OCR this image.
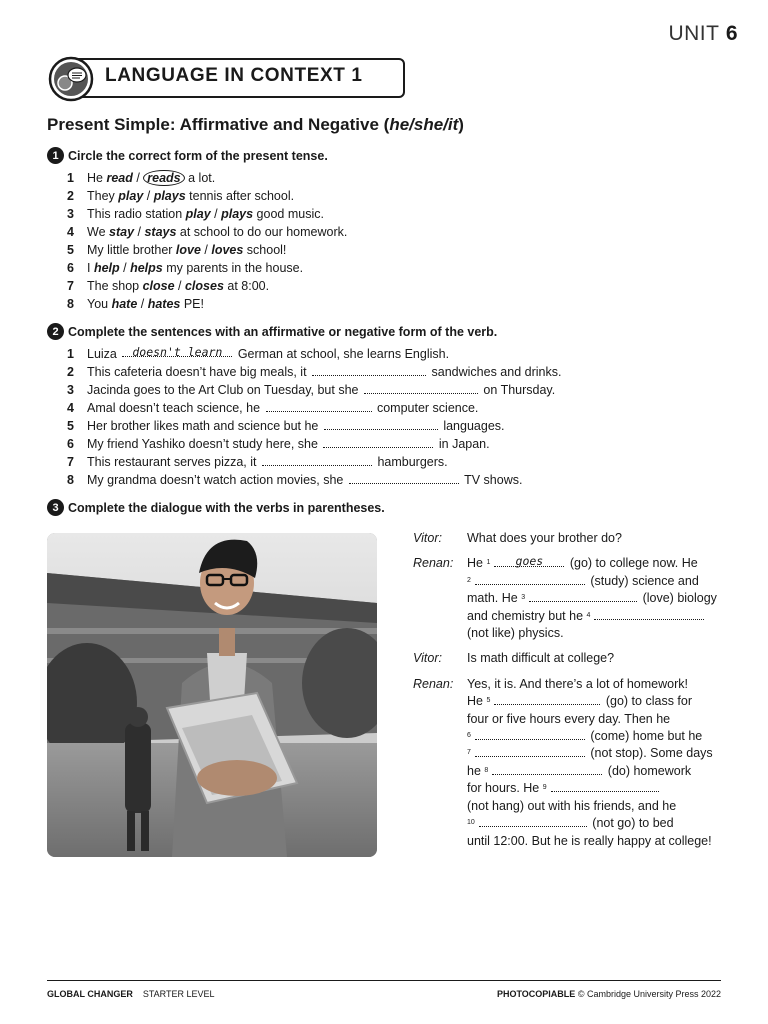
UNIT 6
LANGUAGE IN CONTEXT 1
Present Simple: Affirmative and Negative (he/she/it)
1 Circle the correct form of the present tense.
1	He read / reads a lot.
2	They play / plays tennis after school.
3	This radio station play / plays good music.
4	We stay / stays at school to do our homework.
5	My little brother love / loves school!
6	I help / helps my parents in the house.
7	The shop close / closes at 8:00.
8	You hate / hates PE!
2 Complete the sentences with an affirmative or negative form of the verb.
1	Luiza doesn't learn German at school, she learns English.
2	This cafeteria doesn’t have big meals, it	sandwiches and drinks.
3	Jacinda goes to the Art Club on Tuesday, but she	on Thursday.
4	Amal doesn’t teach science, he	computer science.
5	Her brother likes math and science but he	languages.
6	My friend Yashiko doesn’t study here, she	in Japan.
7	This restaurant serves pizza, it	hamburgers.
8	My grandma doesn’t watch action movies, she	TV shows.
3 Complete the dialogue with the verbs in parentheses.
Vitor:	What does your brother do?
Renan:	He $^1$ goes (go) to college now. He
$^2$	(study) science and
math. He $^3$	(love) biology
and chemistry but he $^4$
(not like) physics.
Vitor:	Is math difficult at college?
Renan:	Yes, it is. And there’s a lot of homework!
He $^5$	(go) to class for
four or five hours every day. Then he
$^6$	(come) home but he
$^7$	(not stop). Some days
he $^8$	(do) homework
for hours. He $^9$
(not hang) out with his friends, and he
$^{10}$	(not go) to bed
until 12:00. But he is really happy at college!
GLOBAL CHANGER STARTER LEVEL	PHOTOCOPIABLE © Cambridge University Press 2022
